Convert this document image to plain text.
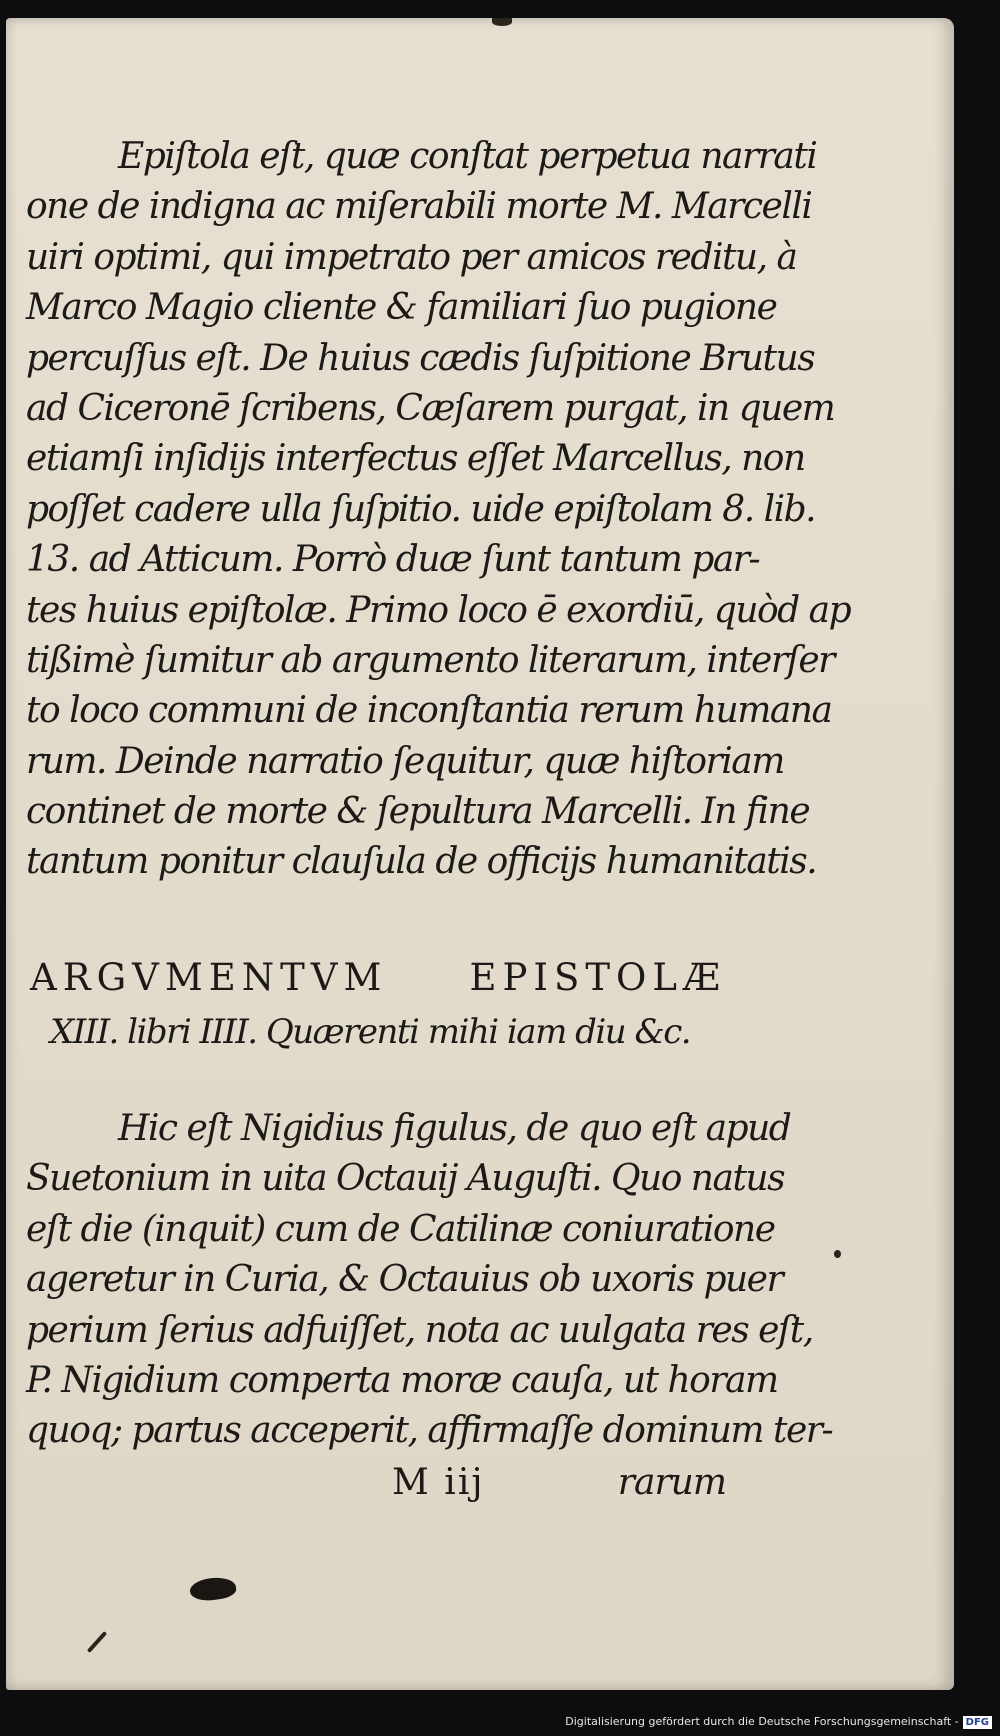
Epiſtola eſt, quæ conſtat perpetua narrati
one de indigna ac miſerabili morte M. Marcelli
uiri optimi, qui impetrato per amicos reditu, à
Marco Magio cliente & familiari ſuo pugione
percuſſus eſt. De huius cædis ſuſpitione Brutus
ad Ciceronē ſcribens, Cæſarem purgat, in quem
etiamſi inſidijs interfectus eſſet Marcellus, non
poſſet cadere ulla ſuſpitio. uide epiſtolam 8. lib.
13. ad Atticum. Porrò duæ ſunt tantum par-
tes huius epiſtolæ. Primo loco ē exordiū, quòd ap
tißimè ſumitur ab argumento literarum, interſer
to loco communi de inconſtantia rerum humana
rum. Deinde narratio ſequitur, quæ hiſtoriam
continet de morte & ſepultura Marcelli. In fine
tantum ponitur clauſula de officijs humanitatis.
ARGVMENTVM EPISTOLÆ
XIII. libri IIII. Quærenti mihi iam diu &c.
Hic eſt Nigidius figulus, de quo eſt apud
Suetonium in uita Octauij Auguſti. Quo natus
eſt die (inquit) cum de Catilinæ coniuratione
ageretur in Curia, & Octauius ob uxoris puer
perium ſerius adfuiſſet, nota ac uulgata res eſt,
P. Nigidium comperta moræ cauſa, ut horam
quoq; partus acceperit, affirmaſſe dominum ter-
M iij	rarum
Digitalisierung gefördert durch die Deutsche Forschungsgemeinschaft - DFG
